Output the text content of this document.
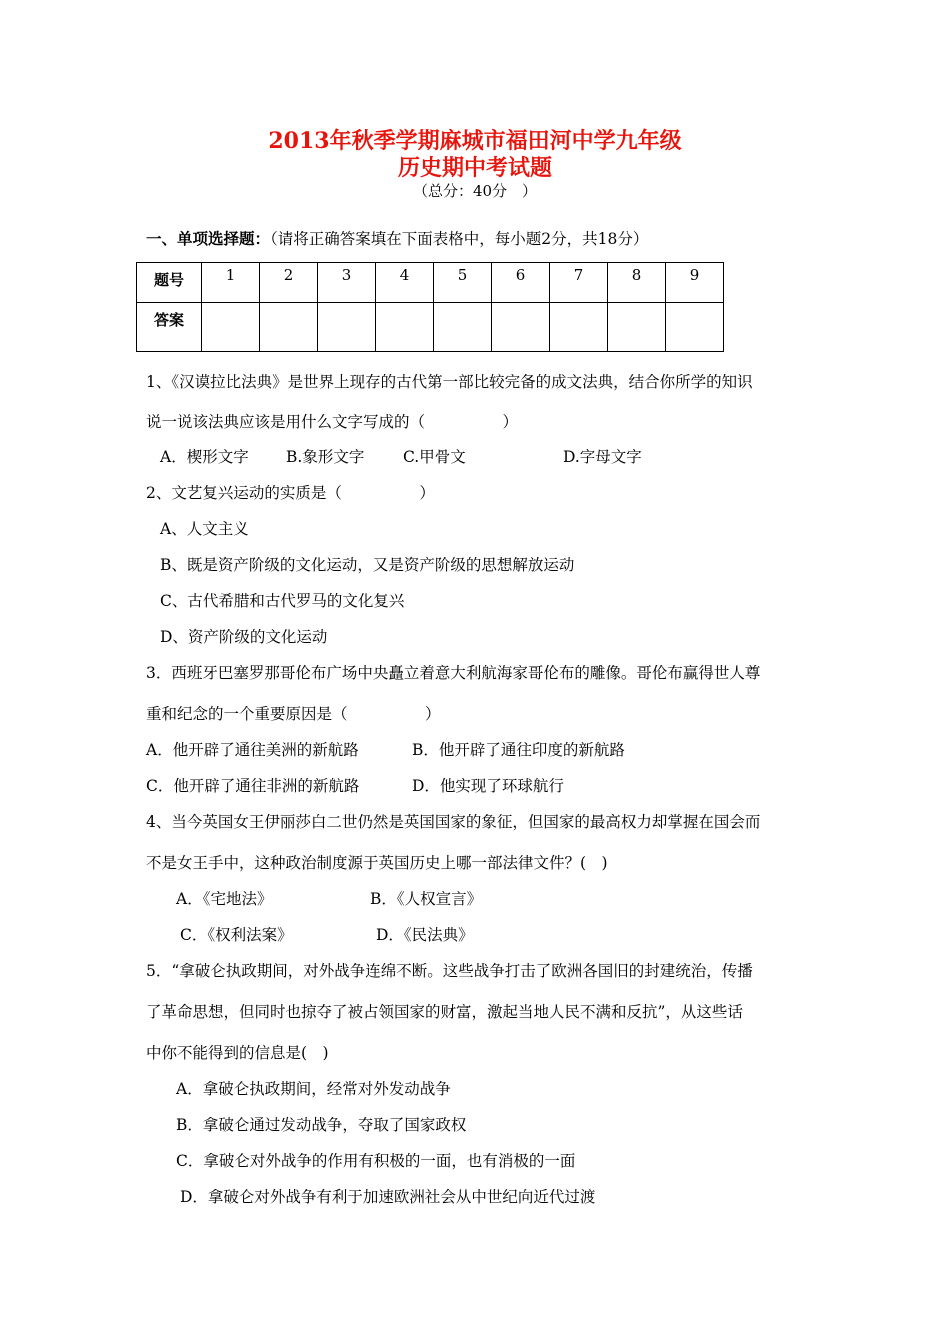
2013年秋季学期麻城市福田河中学九年级
历史期中考试题
（总分：40分　）
一、单项选择题：（请将正确答案填在下面表格中，每小题2分，共18分）
题号	1	2	3	4	5	6	7	8	9
答案									
1、《汉谟拉比法典》是世界上现存的古代第一部比较完备的成文法典，结合你所学的知识
说一说该法典应该是用什么文字写成的（　　　　　）
A．楔形文字 B.象形文字 C.甲骨文	D.字母文字
2、文艺复兴运动的实质是（　　　　　）
A、人文主义
B、既是资产阶级的文化运动，又是资产阶级的思想解放运动
C、古代希腊和古代罗马的文化复兴
D、资产阶级的文化运动
3．西班牙巴塞罗那哥伦布广场中央矗立着意大利航海家哥伦布的雕像。哥伦布赢得世人尊
重和纪念的一个重要原因是（　　　　　）
A．他开辟了通往美洲的新航路	B．他开辟了通往印度的新航路
C．他开辟了通往非洲的新航路	D．他实现了环球航行
4、当今英国女王伊丽莎白二世仍然是英国国家的象征，但国家的最高权力却掌握在国会而
不是女王手中，这种政治制度源于英国历史上哪一部法律文件？(　)
A．《宅地法》	B．《人权宣言》
C．《权利法案》	D．《民法典》
5．“拿破仑执政期间，对外战争连绵不断。这些战争打击了欧洲各国旧的封建统治，传播
了革命思想，但同时也掠夺了被占领国家的财富，激起当地人民不满和反抗”，从这些话
中你不能得到的信息是(　)
A．拿破仑执政期间，经常对外发动战争
B．拿破仑通过发动战争，夺取了国家政权
C．拿破仑对外战争的作用有积极的一面，也有消极的一面
D．拿破仑对外战争有利于加速欧洲社会从中世纪向近代过渡
